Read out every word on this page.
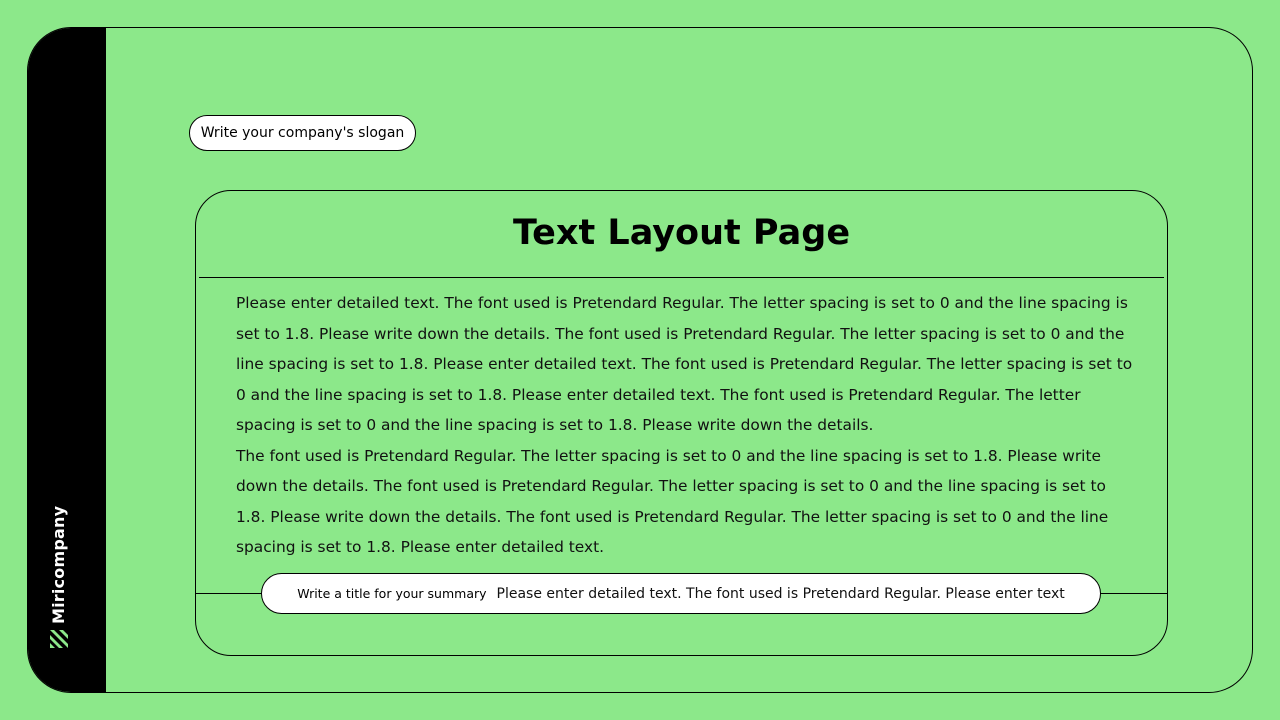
Miricompany
Write your company's slogan
Text Layout Page

Please enter detailed text. The font used is Pretendard Regular. The letter spacing is set to 0 and the line spacing is set to 1.8. Please write down the details. The font used is Pretendard Regular. The letter spacing is set to 0 and the line spacing is set to 1.8. Please enter detailed text. The font used is Pretendard Regular. The letter spacing is set to 0 and the line spacing is set to 1.8. Please enter detailed text. The font used is Pretendard Regular. The letter spacing is set to 0 and the line spacing is set to 1.8. Please write down the details.

The font used is Pretendard Regular. The letter spacing is set to 0 and the line spacing is set to 1.8. Please write down the details. The font used is Pretendard Regular. The letter spacing is set to 0 and the line spacing is set to 1.8. Please write down the details. The font used is Pretendard Regular. The letter spacing is set to 0 and the line spacing is set to 1.8. Please enter detailed text.

Write a title for your summary Please enter detailed text. The font used is Pretendard Regular. Please enter text
